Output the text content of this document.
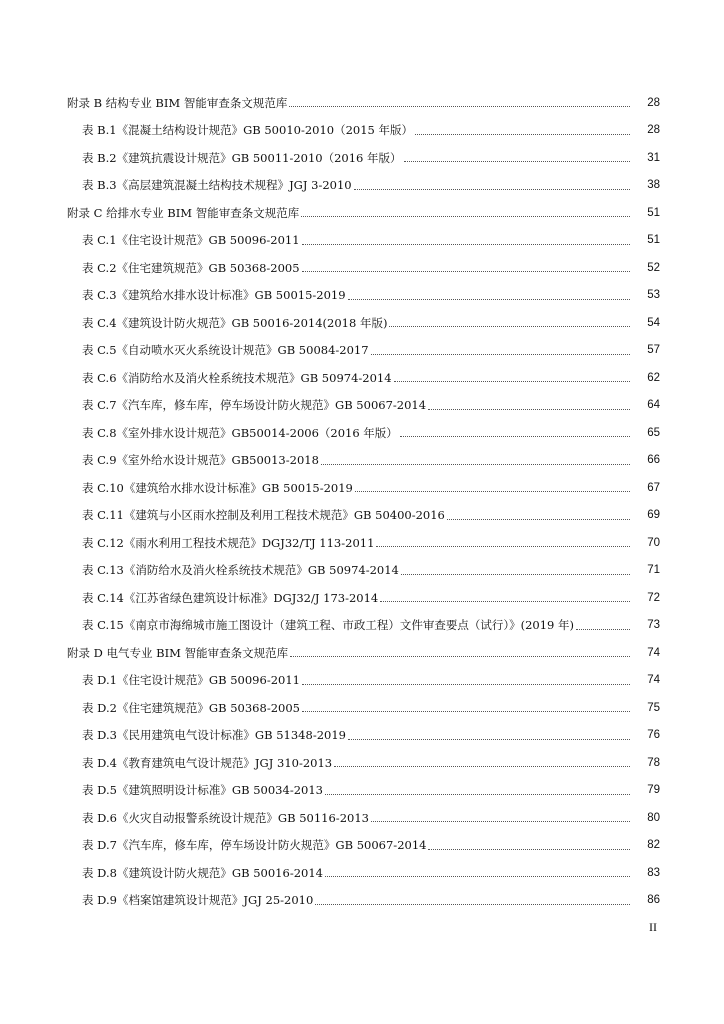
附录 B 结构专业 BIM 智能审查条文规范库	28
表 B.1《混凝土结构设计规范》GB 50010-2010（2015 年版）	28
表 B.2《建筑抗震设计规范》GB 50011-2010（2016 年版）	31
表 B.3《高层建筑混凝土结构技术规程》JGJ 3-2010	38
附录 C 给排水专业 BIM 智能审查条文规范库	51
表 C.1《住宅设计规范》GB 50096-2011	51
表 C.2《住宅建筑规范》GB 50368-2005	52
表 C.3《建筑给水排水设计标准》GB 50015-2019	53
表 C.4《建筑设计防火规范》GB 50016-2014(2018 年版)	54
表 C.5《自动喷水灭火系统设计规范》GB 50084-2017	57
表 C.6《消防给水及消火栓系统技术规范》GB 50974-2014	62
表 C.7《汽车库，修车库，停车场设计防火规范》GB 50067-2014	64
表 C.8《室外排水设计规范》GB50014-2006（2016 年版）	65
表 C.9《室外给水设计规范》GB50013-2018	66
表 C.10《建筑给水排水设计标准》GB 50015-2019	67
表 C.11《建筑与小区雨水控制及利用工程技术规范》GB 50400-2016	69
表 C.12《雨水利用工程技术规范》DGJ32/TJ 113-2011	70
表 C.13《消防给水及消火栓系统技术规范》GB 50974-2014	71
表 C.14《江苏省绿色建筑设计标准》DGJ32/J 173-2014	72
表 C.15《南京市海绵城市施工图设计（建筑工程、市政工程）文件审查要点（试行）》(2019 年)	73
附录 D 电气专业 BIM 智能审查条文规范库	74
表 D.1《住宅设计规范》GB 50096-2011	74
表 D.2《住宅建筑规范》GB 50368-2005	75
表 D.3《民用建筑电气设计标准》GB 51348-2019	76
表 D.4《教育建筑电气设计规范》JGJ 310-2013	78
表 D.5《建筑照明设计标准》GB 50034-2013	79
表 D.6《火灾自动报警系统设计规范》GB 50116-2013	80
表 D.7《汽车库，修车库，停车场设计防火规范》GB 50067-2014	82
表 D.8《建筑设计防火规范》GB 50016-2014	83
表 D.9《档案馆建筑设计规范》JGJ 25-2010	86
II
